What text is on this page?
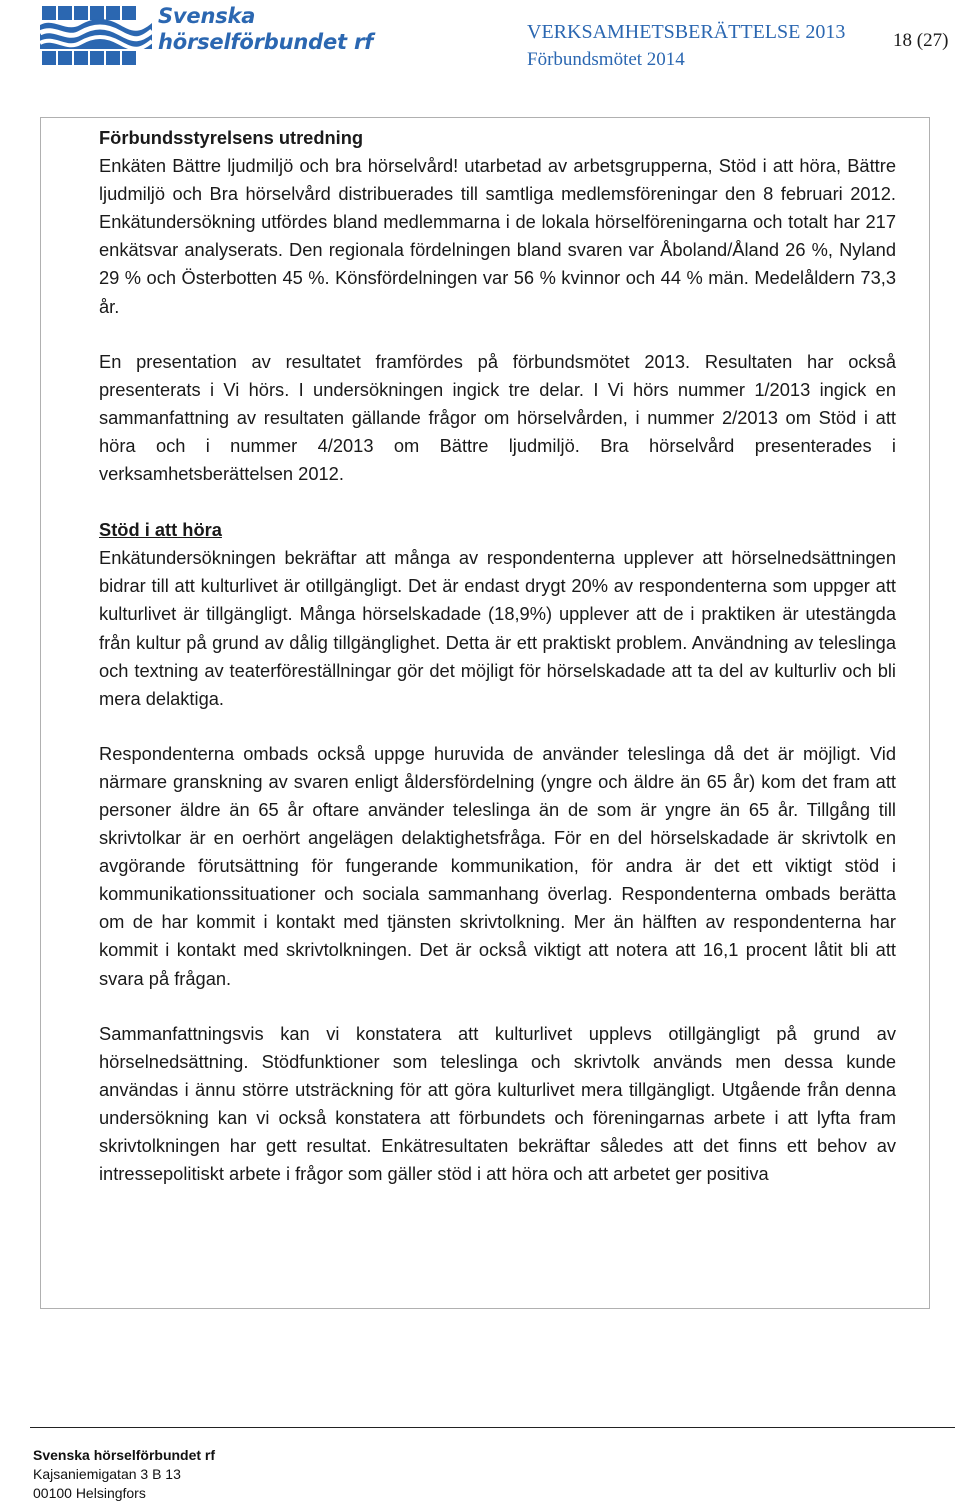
Svenska
hörselförbundet rf	VERKSAMHETSBERÄTTELSE 2013
Förbundsmötet 2014
18 (27)

Förbundsstyrelsens utredning

Enkäten Bättre ljudmiljö och bra hörselvård! utarbetad av arbetsgrupperna, Stöd i att höra, Bättre ljudmiljö och Bra hörselvård distribuerades till samtliga medlemsföreningar den 8 februari 2012. Enkätundersökning utfördes bland medlemmarna i de lokala hörselföreningarna och totalt har 217 enkätsvar analyserats. Den regionala fördelningen bland svaren var Åboland/Åland 26 %, Nyland 29 % och Österbotten 45 %. Könsfördelningen var 56 % kvinnor och 44 % män. Medelåldern 73,3 år.

En presentation av resultatet framfördes på förbundsmötet 2013. Resultaten har också presenterats i Vi hörs. I undersökningen ingick tre delar. I Vi hörs nummer 1/2013 ingick en sammanfattning av resultaten gällande frågor om hörselvården, i nummer 2/2013 om Stöd i att höra och i nummer 4/2013 om Bättre ljudmiljö. Bra hörselvård presenterades i verksamhetsberättelsen 2012.

Stöd i att höra

Enkätundersökningen bekräftar att många av respondenterna upplever att hörselnedsättningen bidrar till att kulturlivet är otillgängligt. Det är endast drygt 20% av respondenterna som uppger att kulturlivet är tillgängligt. Många hörselskadade (18,9%) upplever att de i praktiken är utestängda från kultur på grund av dålig tillgänglighet. Detta är ett praktiskt problem. Användning av teleslinga och textning av teaterföreställningar gör det möjligt för hörselskadade att ta del av kulturliv och bli mera delaktiga.

Respondenterna ombads också uppge huruvida de använder teleslinga då det är möjligt. Vid närmare granskning av svaren enligt åldersfördelning (yngre och äldre än 65 år) kom det fram att personer äldre än 65 år oftare använder teleslinga än de som är yngre än 65 år. Tillgång till skrivtolkar är en oerhört angelägen delaktighetsfråga. För en del hörselskadade är skrivtolk en avgörande förutsättning för fungerande kommunikation, för andra är det ett viktigt stöd i kommunikationssituationer och sociala sammanhang överlag. Respondenterna ombads berätta om de har kommit i kontakt med tjänsten skrivtolkning. Mer än hälften av respondenterna har kommit i kontakt med skrivtolkningen. Det är också viktigt att notera att 16,1 procent låtit bli att svara på frågan.

Sammanfattningsvis kan vi konstatera att kulturlivet upplevs otillgängligt på grund av hörselnedsättning. Stödfunktioner som teleslinga och skrivtolk används men dessa kunde användas i ännu större utsträckning för att göra kulturlivet mera tillgängligt. Utgående från denna undersökning kan vi också konstatera att förbundets och föreningarnas arbete i att lyfta fram skrivtolkningen har gett resultat. Enkätresultaten bekräftar således att det finns ett behov av intressepolitiskt arbete i frågor som gäller stöd i att höra och att arbetet ger positiva

Svenska hörselförbundet rf
Kajsaniemigatan 3 B 13
00100 Helsingfors
